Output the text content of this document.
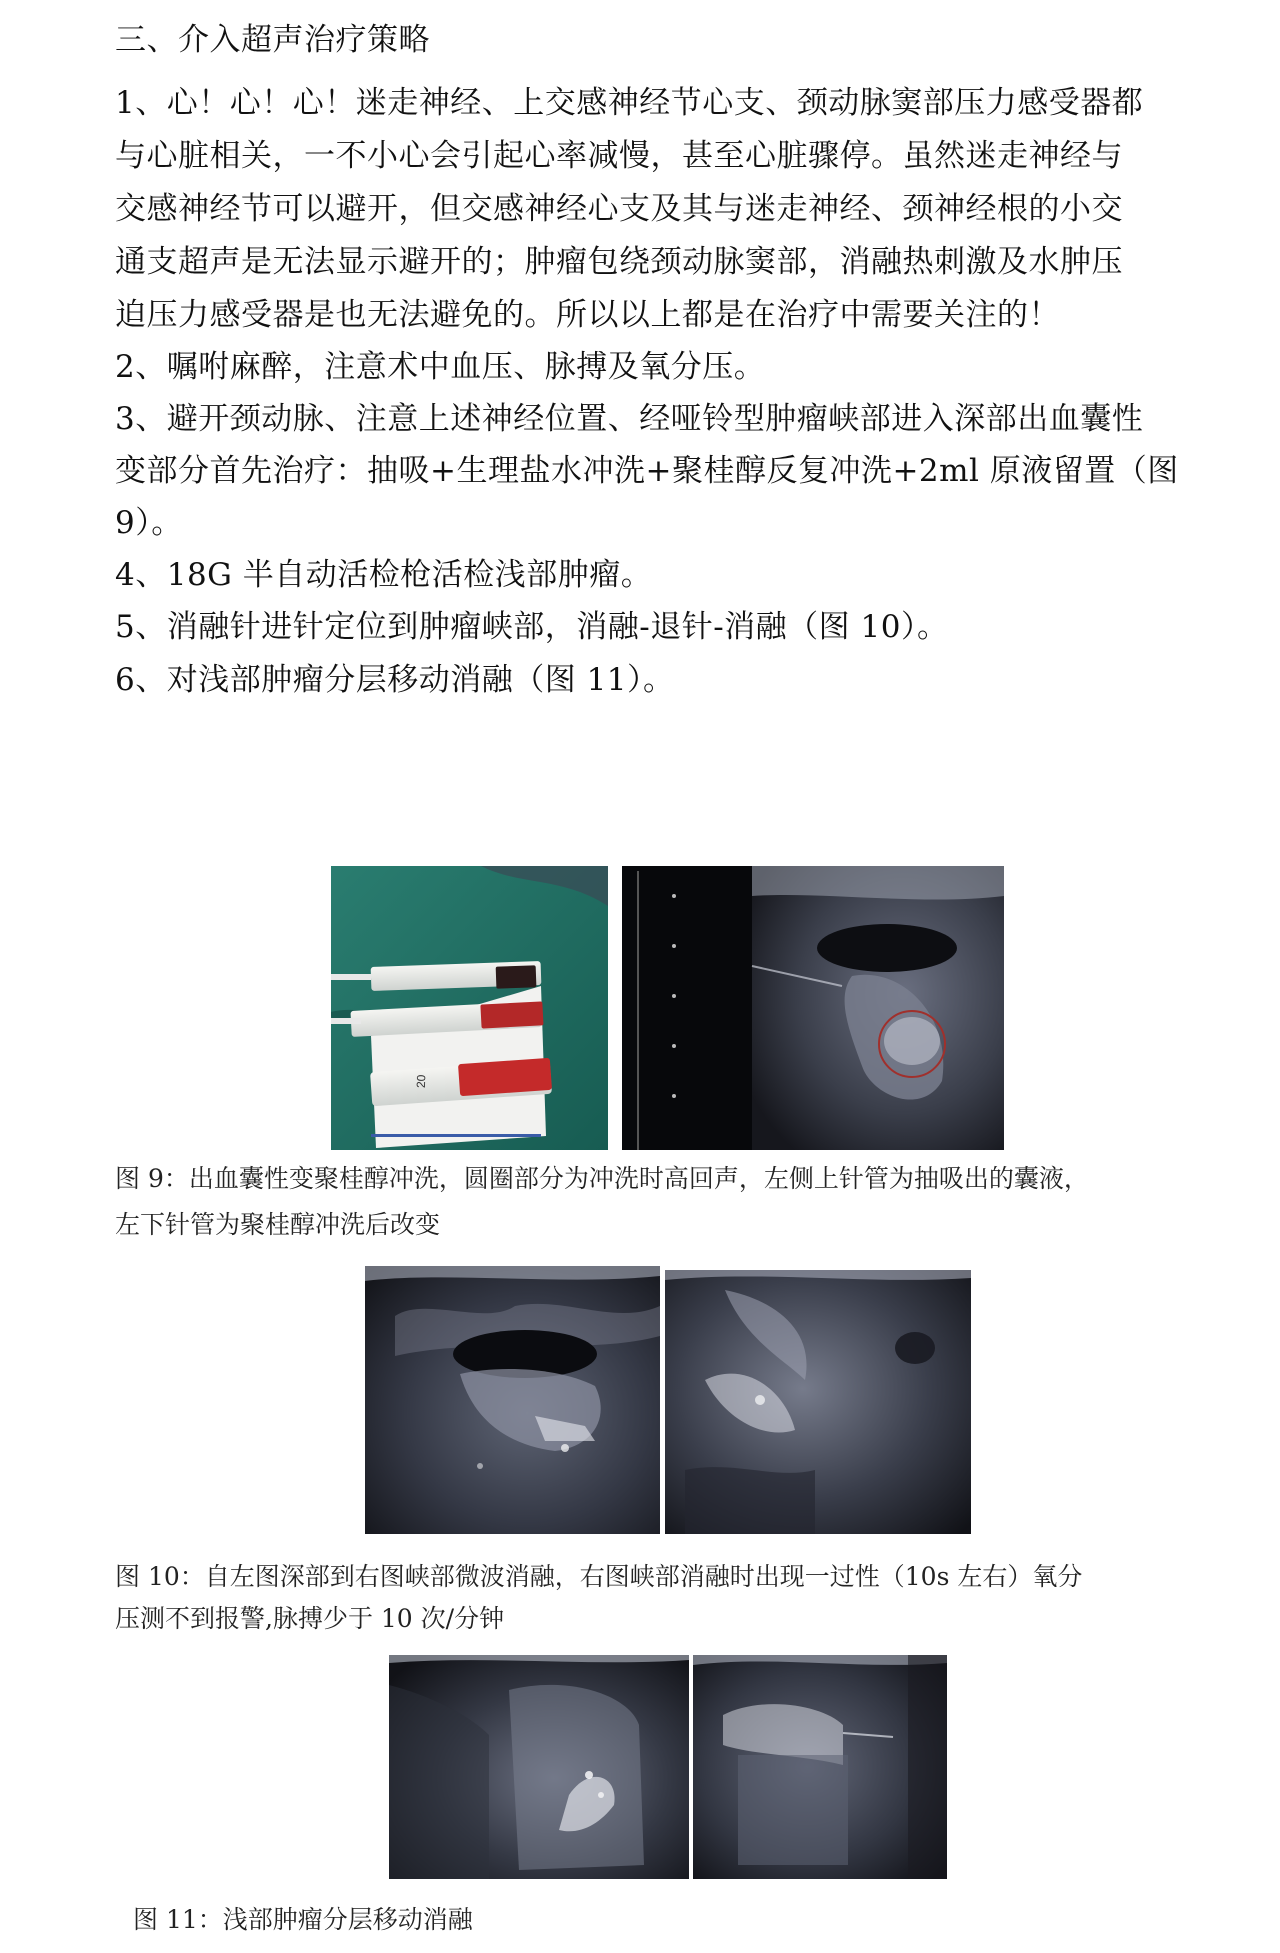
三、介入超声治疗策略
1、心！心！心！迷走神经、上交感神经节心支、颈动脉窦部压力感受器都
与心脏相关，一不小心会引起心率减慢，甚至心脏骤停。虽然迷走神经与
交感神经节可以避开，但交感神经心支及其与迷走神经、颈神经根的小交
通支超声是无法显示避开的；肿瘤包绕颈动脉窦部，消融热刺激及水肿压
迫压力感受器是也无法避免的。所以以上都是在治疗中需要关注的！
2、嘱咐麻醉，注意术中血压、脉搏及氧分压。
3、避开颈动脉、注意上述神经位置、经哑铃型肿瘤峡部进入深部出血囊性
变部分首先治疗：抽吸+生理盐水冲洗+聚桂醇反复冲洗+2ml 原液留置（图
9）。
4、18G 半自动活检枪活检浅部肿瘤。
5、消融针进针定位到肿瘤峡部，消融-退针-消融（图 10）。
6、对浅部肿瘤分层移动消融（图 11）。
20
图 9：出血囊性变聚桂醇冲洗，圆圈部分为冲洗时高回声，左侧上针管为抽吸出的囊液，
左下针管为聚桂醇冲洗后改变
图 10：自左图深部到右图峡部微波消融，右图峡部消融时出现一过性（10s 左右）氧分
压测不到报警,脉搏少于 10 次/分钟
图 11：浅部肿瘤分层移动消融
